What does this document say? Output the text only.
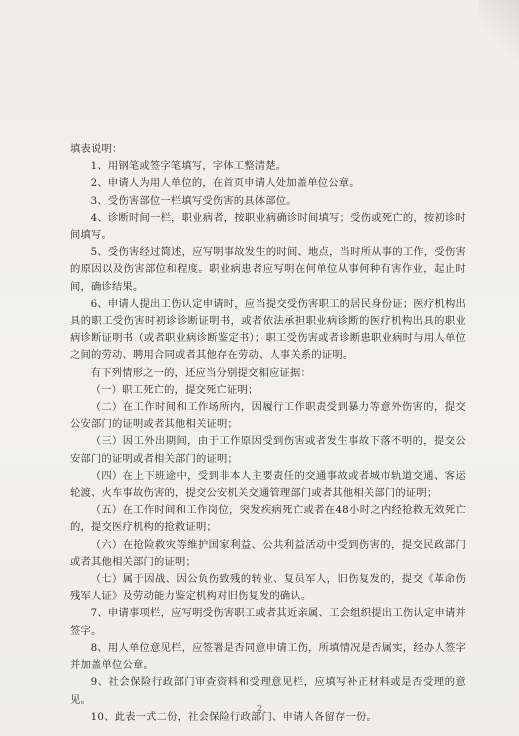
填表说明：
1、用钢笔或签字笔填写，字体工整清楚。
2、申请人为用人单位的，在首页申请人处加盖单位公章。
3、受伤害部位一栏填写受伤害的具体部位。
4、诊断时间一栏，职业病者，按职业病确诊时间填写；受伤或死亡的，按初诊时间填写。
5、受伤害经过简述，应写明事故发生的时间、地点，当时所从事的工作，受伤害的原因以及伤害部位和程度。职业病患者应写明在何单位从事何种有害作业，起止时间，确诊结果。
6、申请人提出工伤认定申请时，应当提交受伤害职工的居民身份证；医疗机构出具的职工受伤害时初诊诊断证明书，或者依法承担职业病诊断的医疗机构出具的职业病诊断证明书（或者职业病诊断鉴定书）；职工受伤害或者诊断患职业病时与用人单位之间的劳动、聘用合同或者其他存在劳动、人事关系的证明。
有下列情形之一的，还应当分别提交相应证据：
（一）职工死亡的，提交死亡证明；
（二）在工作时间和工作场所内，因履行工作职责受到暴力等意外伤害的，提交公安部门的证明或者其他相关证明；
（三）因工外出期间，由于工作原因受到伤害或者发生事故下落不明的，提交公安部门的证明或者相关部门的证明；
（四）在上下班途中，受到非本人主要责任的交通事故或者城市轨道交通、客运轮渡、火车事故伤害的，提交公安机关交通管理部门或者其他相关部门的证明；
（五）在工作时间和工作岗位，突发疾病死亡或者在48小时之内经抢救无效死亡的，提交医疗机构的抢救证明；
（六）在抢险救灾等维护国家利益、公共利益活动中受到伤害的，提交民政部门或者其他相关部门的证明；
（七）属于因战、因公负伤致残的转业、复员军人，旧伤复发的，提交《革命伤残军人证》及劳动能力鉴定机构对旧伤复发的确认。
7、申请事项栏，应写明受伤害职工或者其近亲属、工会组织提出工伤认定申请并签字。
8、用人单位意见栏，应签署是否同意申请工伤，所填情况是否属实，经办人签字并加盖单位公章。
9、社会保险行政部门审查资料和受理意见栏，应填写补正材料或是否受理的意见。
10、此表一式二份，社会保险行政部门、申请人各留存一份。
2
